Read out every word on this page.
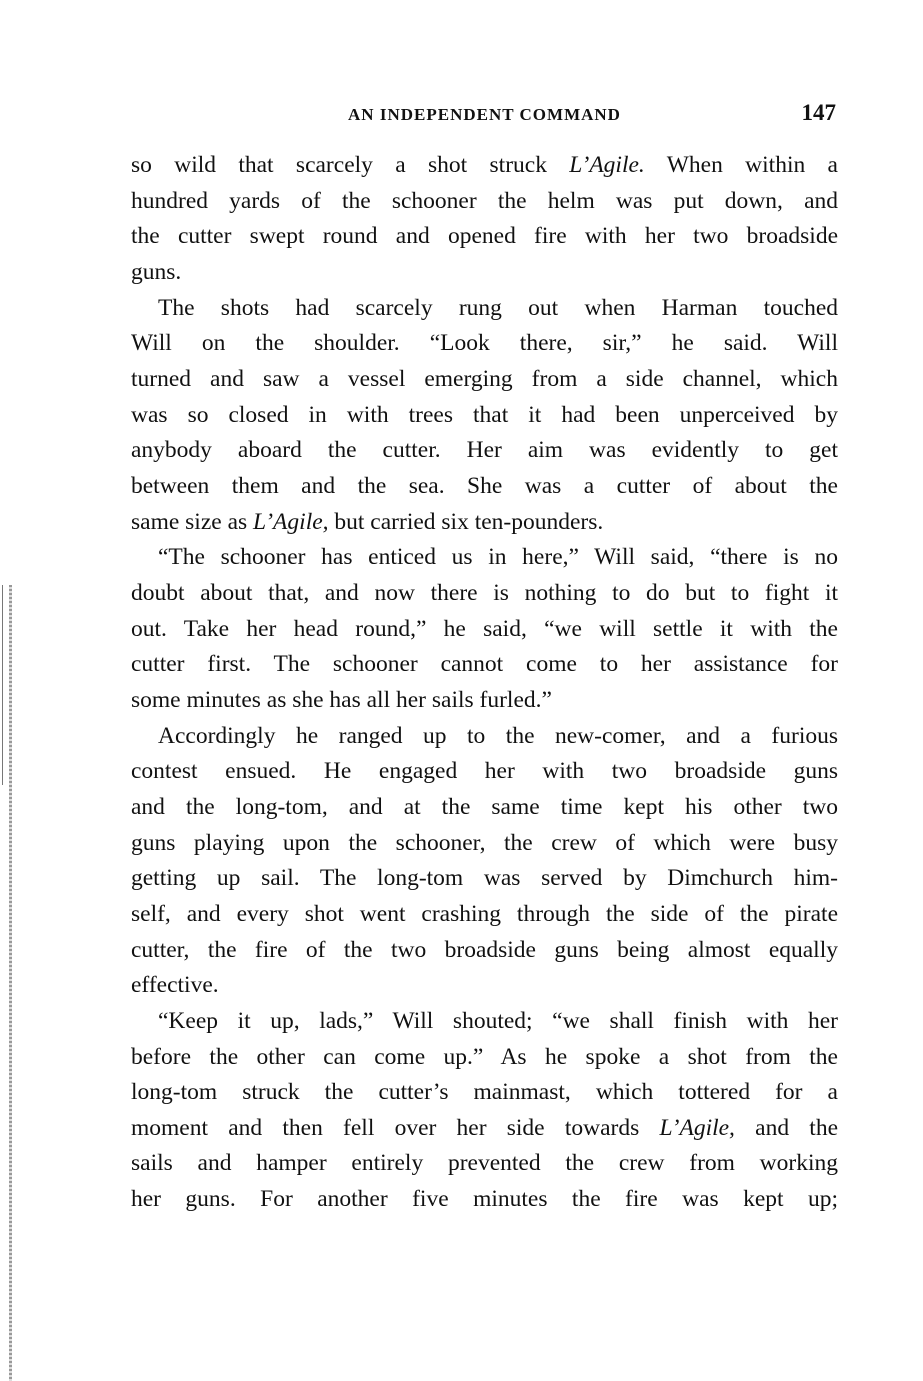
AN INDEPENDENT COMMAND	147
so wild that scarcely a shot struck L’Agile. When within a
hundred yards of the schooner the helm was put down, and
the cutter swept round and opened fire with her two broadside
guns.
The shots had scarcely rung out when Harman touched
Will on the shoulder. “Look there, sir,” he said. Will
turned and saw a vessel emerging from a side channel, which
was so closed in with trees that it had been unperceived by
anybody aboard the cutter. Her aim was evidently to get
between them and the sea. She was a cutter of about the
same size as L’Agile, but carried six ten-pounders.
“The schooner has enticed us in here,” Will said, “there is no
doubt about that, and now there is nothing to do but to fight it
out. Take her head round,” he said, “we will settle it with the
cutter first. The schooner cannot come to her assistance for
some minutes as she has all her sails furled.”
Accordingly he ranged up to the new-comer, and a furious
contest ensued. He engaged her with two broadside guns
and the long-tom, and at the same time kept his other two
guns playing upon the schooner, the crew of which were busy
getting up sail. The long-tom was served by Dimchurch him-
self, and every shot went crashing through the side of the pirate
cutter, the fire of the two broadside guns being almost equally
effective.
“Keep it up, lads,” Will shouted; “we shall finish with her
before the other can come up.” As he spoke a shot from the
long-tom struck the cutter’s mainmast, which tottered for a
moment and then fell over her side towards L’Agile, and the
sails and hamper entirely prevented the crew from working
her guns. For another five minutes the fire was kept up;
